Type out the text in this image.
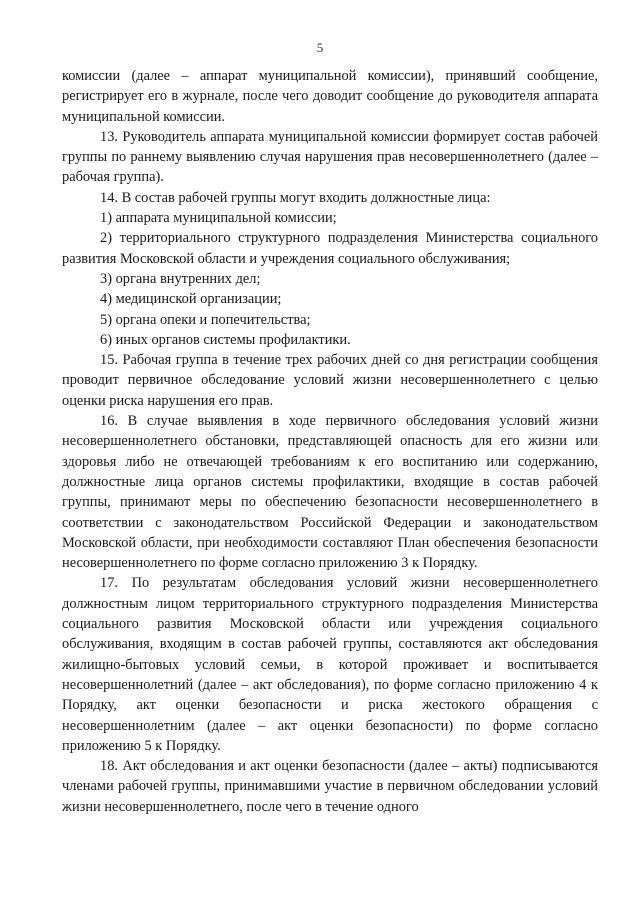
5

комиссии (далее – аппарат муниципальной комиссии), принявший сообщение, регистрирует его в журнале, после чего доводит сообщение до руководителя аппарата муниципальной комиссии.

13. Руководитель аппарата муниципальной комиссии формирует состав рабочей группы по раннему выявлению случая нарушения прав несовершеннолетнего (далее – рабочая группа).

14. В состав рабочей группы могут входить должностные лица:

1) аппарата муниципальной комиссии;

2) территориального структурного подразделения Министерства социального развития Московской области и учреждения социального обслуживания;

3) органа внутренних дел;

4) медицинской организации;

5) органа опеки и попечительства;

6) иных органов системы профилактики.

15. Рабочая группа в течение трех рабочих дней со дня регистрации сообщения проводит первичное обследование условий жизни несовершеннолетнего с целью оценки риска нарушения его прав.

16. В случае выявления в ходе первичного обследования условий жизни несовершеннолетнего обстановки, представляющей опасность для его жизни или здоровья либо не отвечающей требованиям к его воспитанию или содержанию, должностные лица органов системы профилактики, входящие в состав рабочей группы, принимают меры по обеспечению безопасности несовершеннолетнего в соответствии с законодательством Российской Федерации и законодательством Московской области, при необходимости составляют План обеспечения безопасности несовершеннолетнего по форме согласно приложению 3 к Порядку.

17. По результатам обследования условий жизни несовершеннолетнего должностным лицом территориального структурного подразделения Министерства социального развития Московской области или учреждения социального обслуживания, входящим в состав рабочей группы, составляются акт обследования жилищно-бытовых условий семьи, в которой проживает и воспитывается несовершеннолетний (далее – акт обследования), по форме согласно приложению 4 к Порядку, акт оценки безопасности и риска жестокого обращения с несовершеннолетним (далее – акт оценки безопасности) по форме согласно приложению 5 к Порядку.

18. Акт обследования и акт оценки безопасности (далее – акты) подписываются членами рабочей группы, принимавшими участие в первичном обследовании условий жизни несовершеннолетнего, после чего в течение одного
